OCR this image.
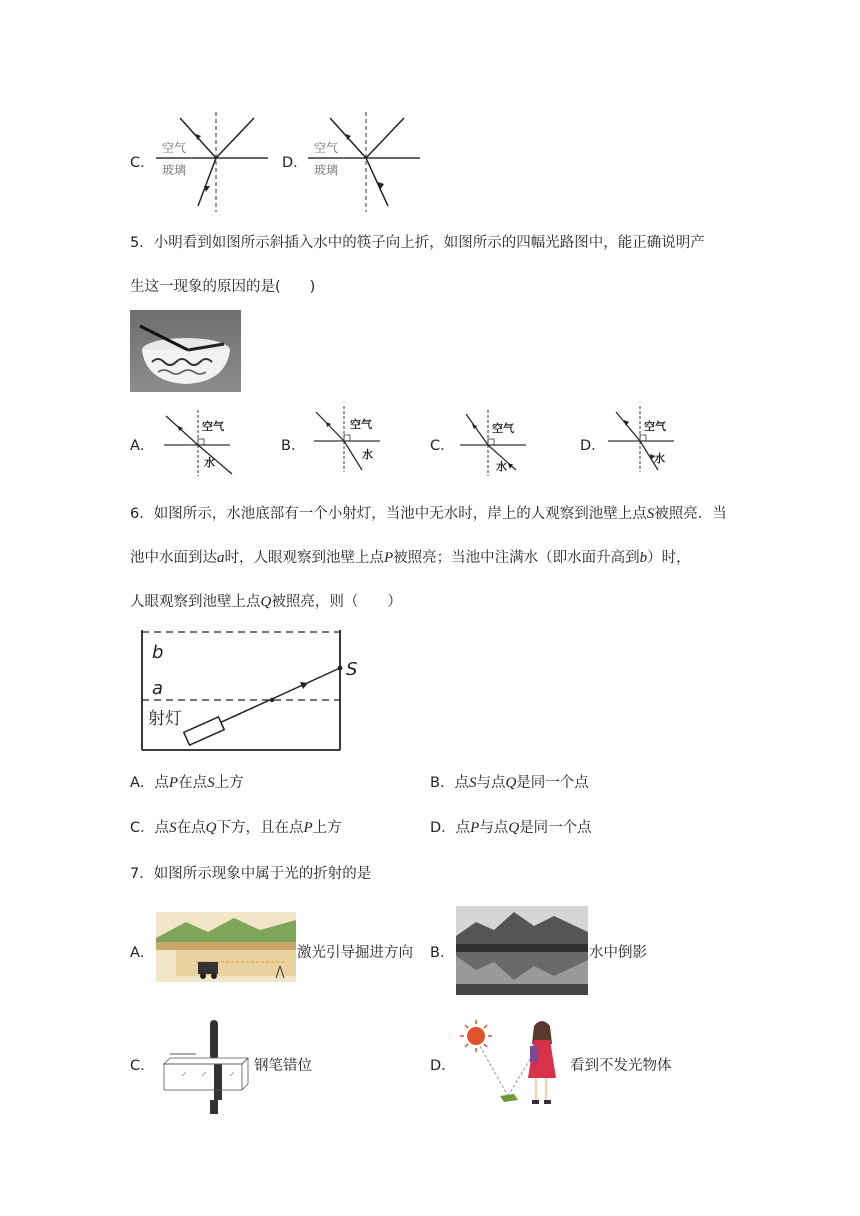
C．
空气
玻璃	D．
空气
玻璃
5．小明看到如图所示斜插入水中的筷子向上折，如图所示的四幅光路图中，能正确说明产
生这一现象的原因的是(　　)
A．
空气
水
B．
空气
水
C．
空气
水
D．
空气
水
6．如图所示，水池底部有一个小射灯，当池中无水时，岸上的人观察到池壁上点S被照亮．当
池中水面到达a时，人眼观察到池壁上点P被照亮；当池中注满水（即水面升高到b）时，
人眼观察到池壁上点Q被照亮，则（　　）
b
a
S
射灯
A．点P在点S上方	B．点S与点Q是同一个点
C．点S在点Q下方，且在点P上方	D．点P与点Q是同一个点
7．如图所示现象中属于光的折射的是
A．	激光引导掘进方向 B．	水中倒影
C．	钢笔错位	D．	看到不发光物体
